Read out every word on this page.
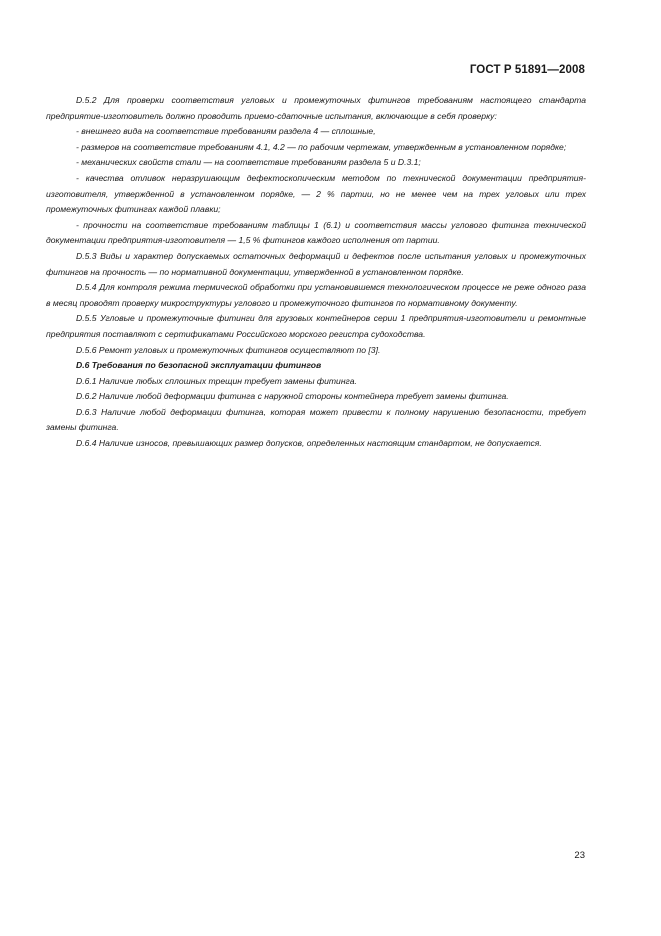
ГОСТ Р 51891—2008

D.5.2 Для проверки соответствия угловых и промежуточных фитингов требованиям настоящего стандарта предприятие-изготовитель должно проводить приемо-сдаточные испытания, включающие в себя проверку:

- внешнего вида на соответствие требованиям раздела 4 — сплошные,

- размеров на соответствие требованиям 4.1, 4.2 — по рабочим чертежам, утвержденным в установленном порядке;

- механических свойств стали — на соответствие требованиям раздела 5 и D.3.1;

- качества отливок неразрушающим дефектоскопическим методом по технической документации предприятия-изготовителя, утвержденной в установленном порядке, — 2 % партии, но не менее чем на трех угловых или трех промежуточных фитингах каждой плавки;

- прочности на соответствие требованиям таблицы 1 (6.1) и соответствия массы углового фитинга технической документации предприятия-изготовителя — 1,5 % фитингов каждого исполнения от партии.

D.5.3 Виды и характер допускаемых остаточных деформаций и дефектов после испытания угловых и промежуточных фитингов на прочность — по нормативной документации, утвержденной в установленном порядке.

D.5.4 Для контроля режима термической обработки при установившемся технологическом процессе не реже одного раза в месяц проводят проверку микроструктуры углового и промежуточного фитингов по нормативному документу.

D.5.5 Угловые и промежуточные фитинги для грузовых контейнеров серии 1 предприятия-изготовители и ремонтные предприятия поставляют с сертификатами Российского морского регистра судоходства.

D.5.6 Ремонт угловых и промежуточных фитингов осуществляют по [3].

D.6 Требования по безопасной эксплуатации фитингов

D.6.1 Наличие любых сплошных трещин требует замены фитинга.

D.6.2 Наличие любой деформации фитинга с наружной стороны контейнера требует замены фитинга.

D.6.3 Наличие любой деформации фитинга, которая может привести к полному нарушению безопасности, требует замены фитинга.

D.6.4 Наличие износов, превышающих размер допусков, определенных настоящим стандартом, не допускается.

23
